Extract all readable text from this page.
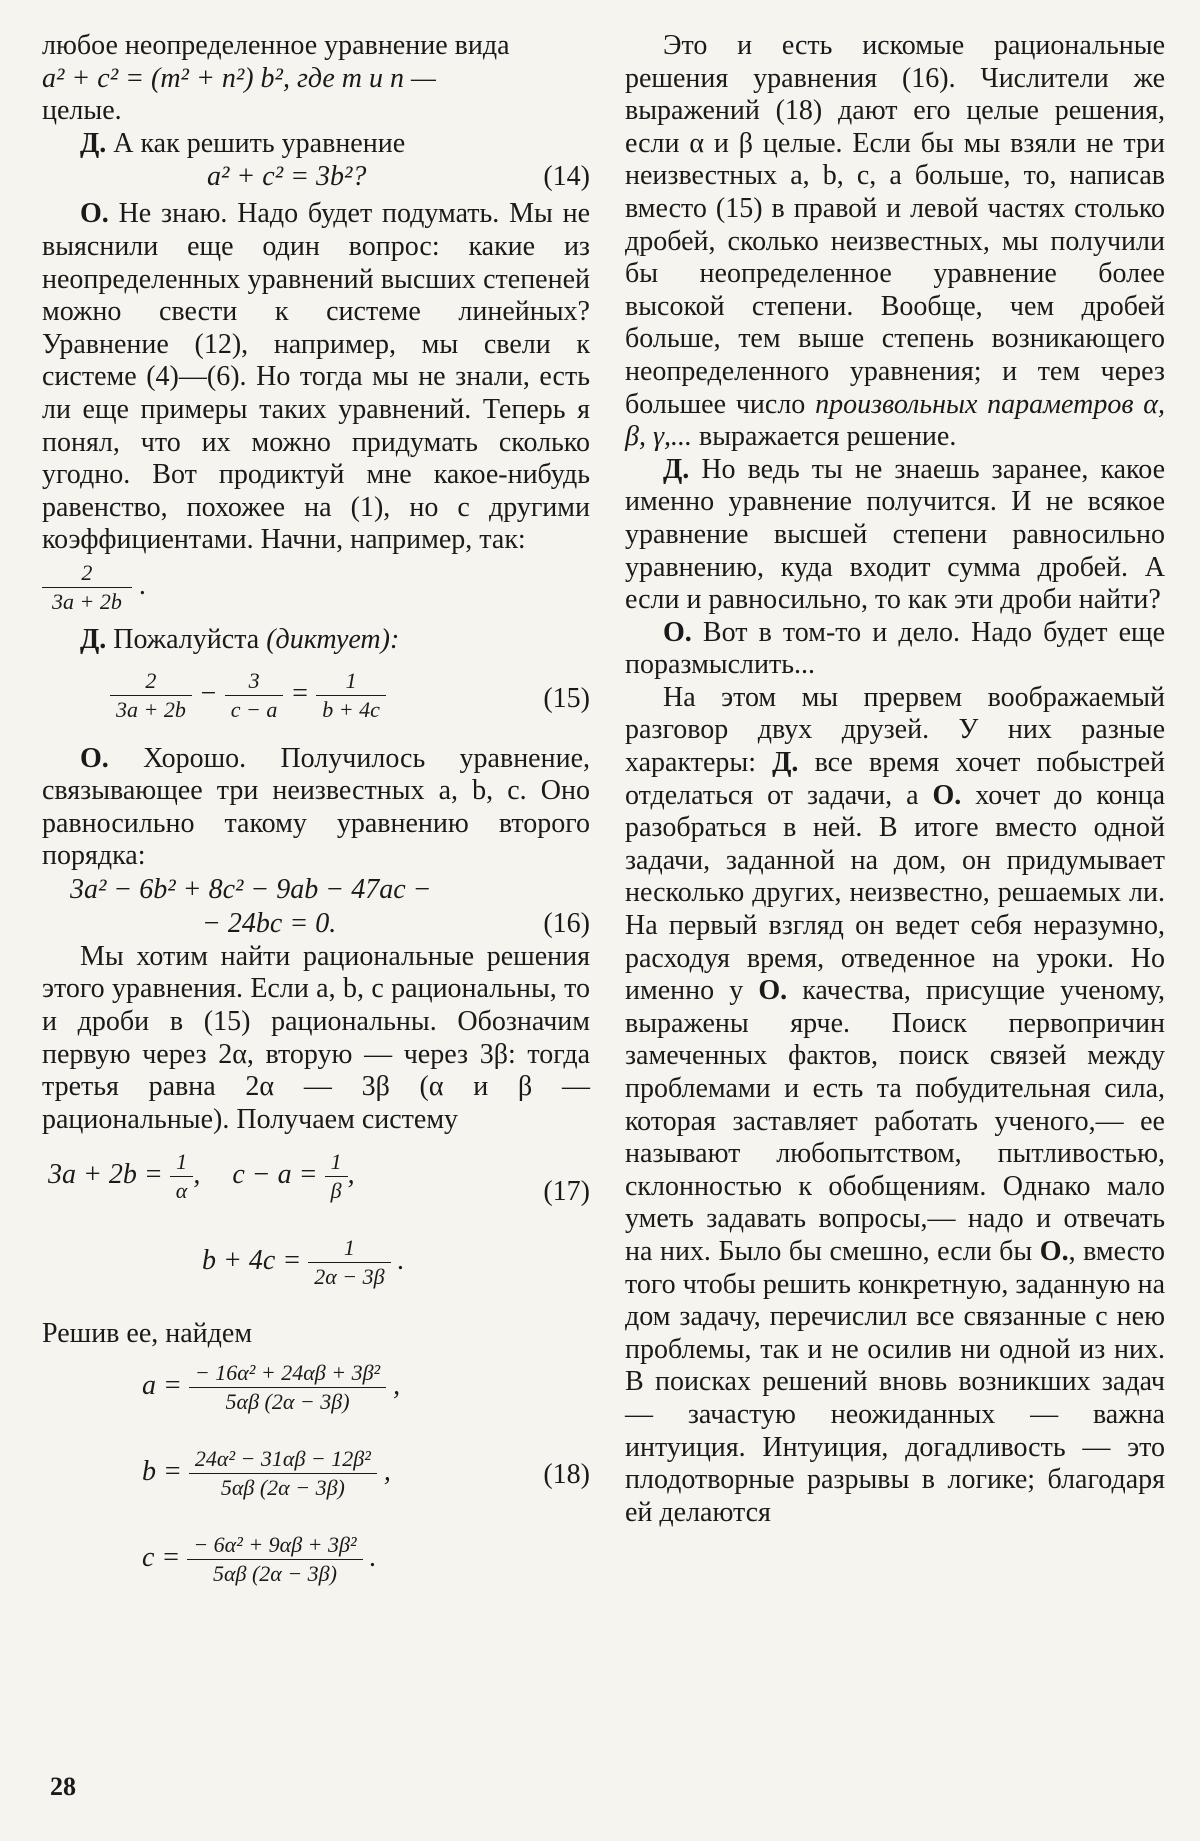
любое неопределенное уравнение вида

a² + c² = (m² + n²) b², где m и n —

целые.

Д. А как решить уравнение

a² + c² = 3b²?	(14)

О. Не знаю. Надо будет подумать. Мы не выяснили еще один вопрос: какие из неопределенных уравнений высших степеней можно свести к системе линейных? Уравнение (12), например, мы свели к системе (4)—(6). Но тогда мы не знали, есть ли еще примеры таких уравнений. Теперь я понял, что их можно придумать сколько угодно. Вот продиктуй мне какое-нибудь равенство, похожее на (1), но с другими коэффициентами. Начни, например, так:

$\frac{2}{3a + 2b}$ .

Д. Пожалуйста (диктует):

$\frac{2}{3a + 2b} - \frac{3}{c - a} = \frac{1}{b + 4c}$	(15)

О. Хорошо. Получилось уравнение, связывающее три неизвестных a, b, c. Оно равносильно такому уравнению второго порядка:

3a² − 6b² + 8c² − 9ab − 47ac −
− 24bc = 0.	(16)

Мы хотим найти рациональные решения этого уравнения. Если a, b, c рациональны, то и дроби в (15) рациональны. Обозначим первую через 2α, вторую — через 3β: тогда третья равна 2α — 3β (α и β — рациональные). Получаем систему

$3a + 2b = \frac{1}{\alpha}$ , $c - a = \frac{1}{\beta}$ ,
(17)
$b + 4c = \frac{1}{2\alpha - 3\beta}$ .

Решив ее, найдем

$a = \frac{\text{− 16α² + 24αβ + 3β²}}{5\alpha\beta (2\alpha - 3\beta)}$ ,
$b = \frac{\text{24α² − 31αβ − 12β²}}{5\alpha\beta (2\alpha - 3\beta)}$ ,	(18)
$c = \frac{\text{− 6α² + 9αβ + 3β²}}{5\alpha\beta (2\alpha - 3\beta)}$ .

Это и есть искомые рациональные решения уравнения (16). Числители же выражений (18) дают его целые решения, если α и β целые. Если бы мы взяли не три неизвестных a, b, c, а больше, то, написав вместо (15) в правой и левой частях столько дробей, сколько неизвестных, мы получили бы неопределенное уравнение более высокой степени. Вообще, чем дробей больше, тем выше степень возникающего неопределенного уравнения; и тем через большее число произвольных параметров α, β, γ,... выражается решение.

Д. Но ведь ты не знаешь заранее, какое именно уравнение получится. И не всякое уравнение высшей степени равносильно уравнению, куда входит сумма дробей. А если и равносильно, то как эти дроби найти?

О. Вот в том-то и дело. Надо будет еще поразмыслить...

На этом мы прервем воображаемый разговор двух друзей. У них разные характеры: Д. все время хочет побыстрей отделаться от задачи, а О. хочет до конца разобраться в ней. В итоге вместо одной задачи, заданной на дом, он придумывает несколько других, неизвестно, решаемых ли. На первый взгляд он ведет себя неразумно, расходуя время, отведенное на уроки. Но именно у О. качества, присущие ученому, выражены ярче. Поиск первопричин замеченных фактов, поиск связей между проблемами и есть та побудительная сила, которая заставляет работать ученого,— ее называют любопытством, пытливостью, склонностью к обобщениям. Однако мало уметь задавать вопросы,— надо и отвечать на них. Было бы смешно, если бы О., вместо того чтобы решить конкретную, заданную на дом задачу, перечислил все связанные с нею проблемы, так и не осилив ни одной из них. В поисках решений вновь возникших задач — зачастую неожиданных — важна интуиция. Интуиция, догадливость — это плодотворные разрывы в логике; благодаря ей делаются

28
